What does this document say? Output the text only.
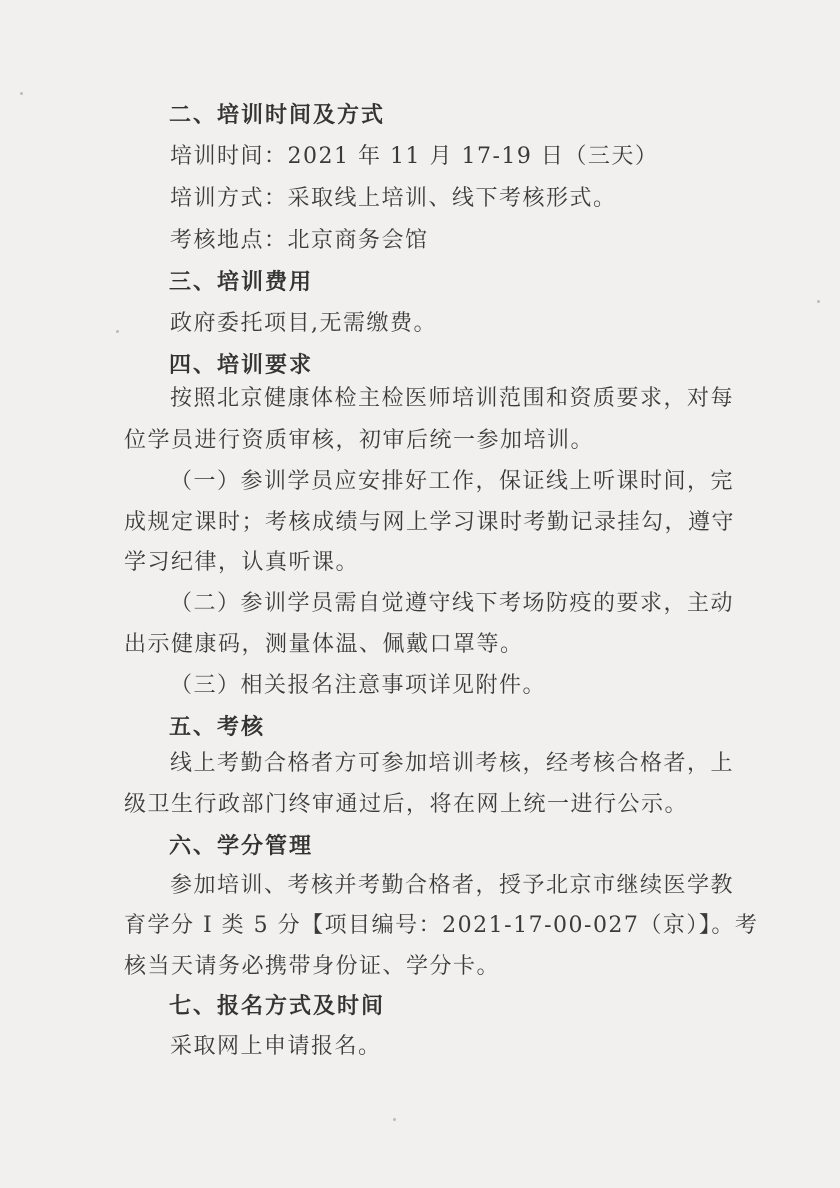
二、培训时间及方式
培训时间：2021 年 11 月 17-19 日（三天）
培训方式：采取线上培训、线下考核形式。
考核地点：北京商务会馆
三、培训费用
政府委托项目,无需缴费。
四、培训要求
按照北京健康体检主检医师培训范围和资质要求，对每
位学员进行资质审核，初审后统一参加培训。
（一）参训学员应安排好工作，保证线上听课时间，完
成规定课时；考核成绩与网上学习课时考勤记录挂勾，遵守
学习纪律，认真听课。
（二）参训学员需自觉遵守线下考场防疫的要求，主动
出示健康码，测量体温、佩戴口罩等。
（三）相关报名注意事项详见附件。
五、考核
线上考勤合格者方可参加培训考核，经考核合格者，上
级卫生行政部门终审通过后，将在网上统一进行公示。
六、学分管理
参加培训、考核并考勤合格者，授予北京市继续医学教
育学分 I 类 5 分【项目编号：2021-17-00-027（京）】。考
核当天请务必携带身份证、学分卡。
七、报名方式及时间
采取网上申请报名。
